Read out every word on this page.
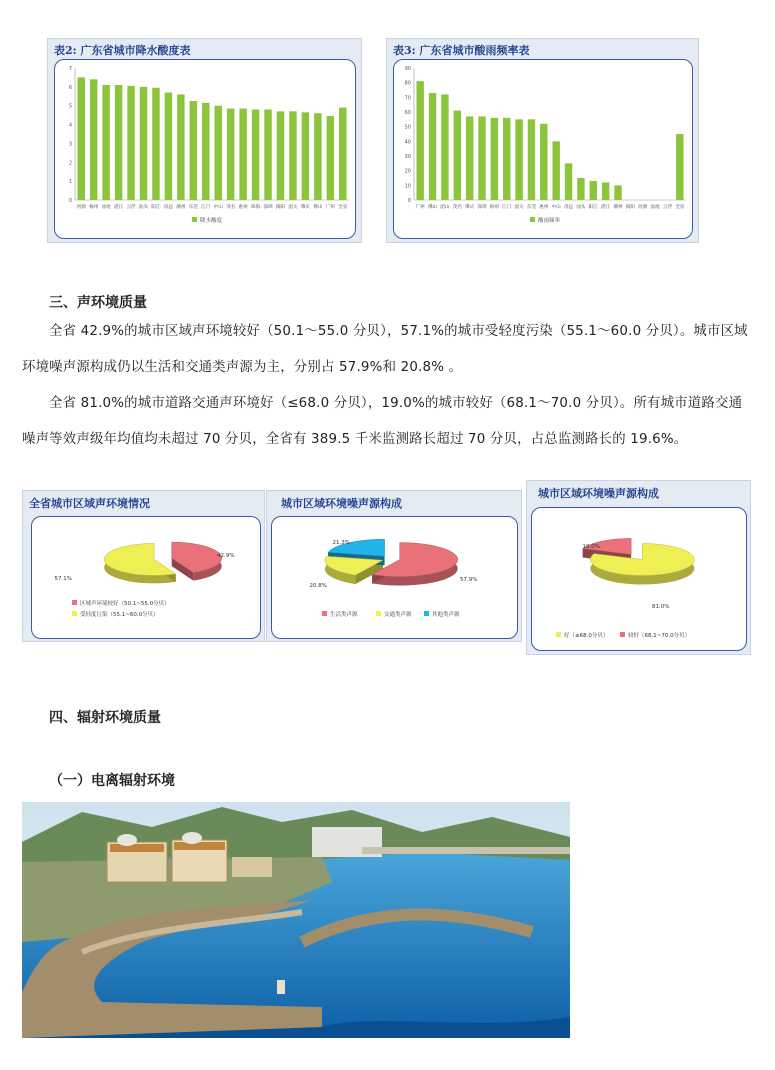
表2: 广东省城市降水酸度表
0
1
2
3
4
5
6
7
河源 梅州 汕尾 湛江 云浮 汕头 阳江 清远 潮州 东莞 江门 中山 茂名 惠州 珠海 深圳 揭阳 韶关 肇庆 佛山 广州 全省
降水酸度
表3: 广东省城市酸雨频率表
0
10
20
30
40
50
60
70
80
90
广州 佛山 韶山 茂名 肇庆 深圳 梅州 江门 韶关 东莞 惠州 中山 清远 汕头 阳江 湛江 潮州 揭阳 河源 汕尾 云浮 全省
酸雨频率
三、声环境质量

全省 42.9%的城市区域声环境较好（50.1～55.0 分贝），57.1%的城市受轻度污染（55.1～60.0 分贝）。城市区域环境噪声源构成仍以生活和交通类声源为主，分别占 57.9%和 20.8% 。

全省 81.0%的城市道路交通声环境好（≤68.0 分贝），19.0%的城市较好（68.1～70.0 分贝）。所有城市道路交通噪声等效声级年均值均未超过 70 分贝，全省有 389.5 千米监测路长超过 70 分贝，占总监测路长的 19.6%。

全省城市区域声环境情况
42.9%
57.1%
区域声环境较好（50.1~55.0分贝）
受轻度污染（55.1~60.0分贝）
城市区域环境噪声源构成
57.9%
20.8%
21.3%
生活类声源	交通类声源	其他类声源
城市区域环境噪声源构成
81.0%
19.0%
好（≤68.0分贝）	较好（68.1~70.0分贝）
四、辐射环境质量
（一）电离辐射环境
